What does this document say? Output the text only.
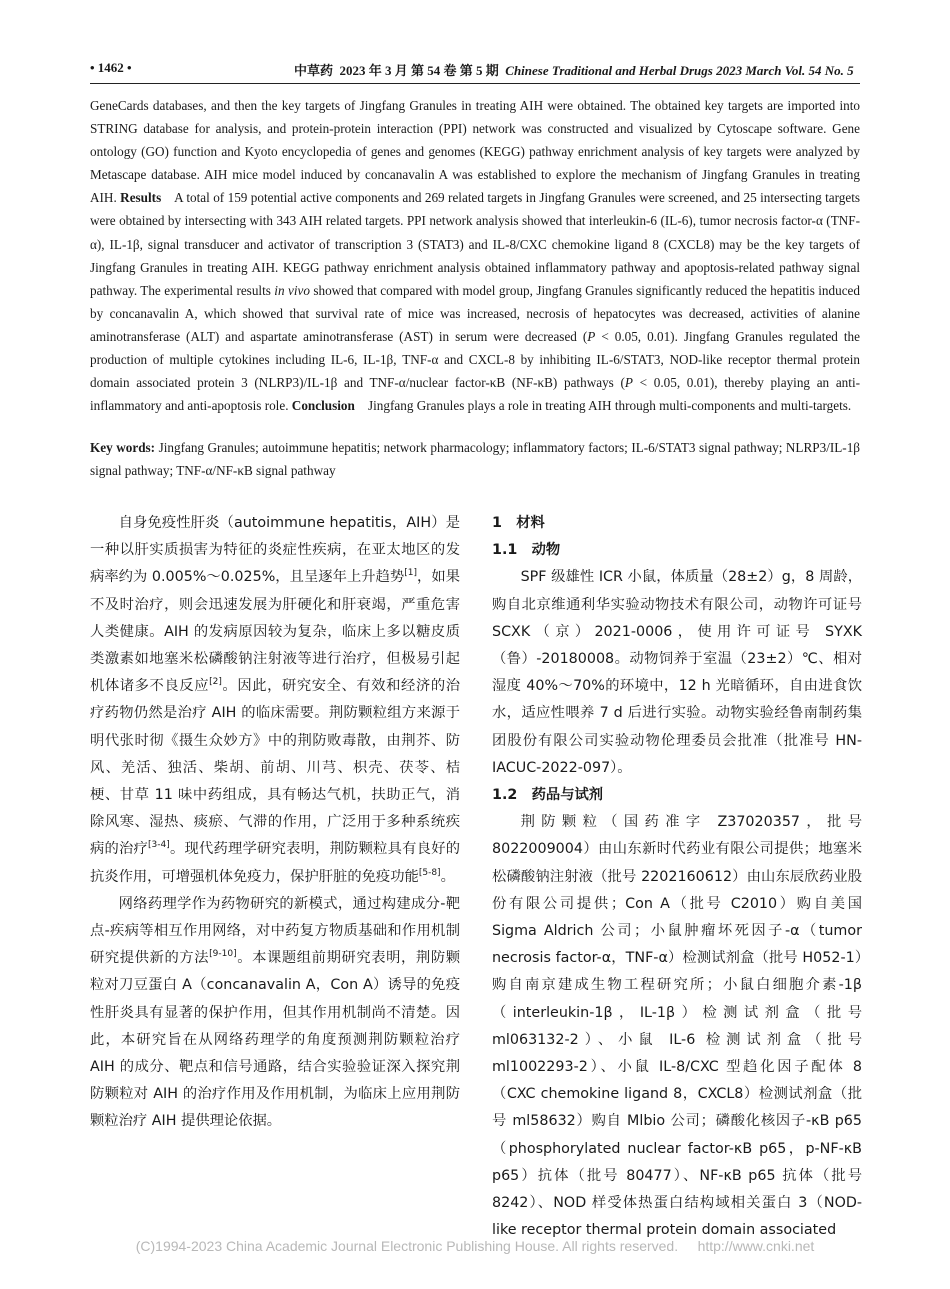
• 1462 •	中草药 2023 年 3 月 第 54 卷 第 5 期 Chinese Traditional and Herbal Drugs 2023 March Vol. 54 No. 5
GeneCards databases, and then the key targets of Jingfang Granules in treating AIH were obtained. The obtained key targets are imported into STRING database for analysis, and protein-protein interaction (PPI) network was constructed and visualized by Cytoscape software. Gene ontology (GO) function and Kyoto encyclopedia of genes and genomes (KEGG) pathway enrichment analysis of key targets were analyzed by Metascape database. AIH mice model induced by concanavalin A was established to explore the mechanism of Jingfang Granules in treating AIH. Results A total of 159 potential active components and 269 related targets in Jingfang Granules were screened, and 25 intersecting targets were obtained by intersecting with 343 AIH related targets. PPI network analysis showed that interleukin-6 (IL-6), tumor necrosis factor-α (TNF-α), IL-1β, signal transducer and activator of transcription 3 (STAT3) and IL-8/CXC chemokine ligand 8 (CXCL8) may be the key targets of Jingfang Granules in treating AIH. KEGG pathway enrichment analysis obtained inflammatory pathway and apoptosis-related pathway signal pathway. The experimental results in vivo showed that compared with model group, Jingfang Granules significantly reduced the hepatitis induced by concanavalin A, which showed that survival rate of mice was increased, necrosis of hepatocytes was decreased, activities of alanine aminotransferase (ALT) and aspartate aminotransferase (AST) in serum were decreased (P < 0.05, 0.01). Jingfang Granules regulated the production of multiple cytokines including IL-6, IL-1β, TNF-α and CXCL-8 by inhibiting IL-6/STAT3, NOD-like receptor thermal protein domain associated protein 3 (NLRP3)/IL-1β and TNF-α/nuclear factor-κB (NF-κB) pathways (P < 0.05, 0.01), thereby playing an anti-inflammatory and anti-apoptosis role. Conclusion Jingfang Granules plays a role in treating AIH through multi-components and multi-targets.
Key words: Jingfang Granules; autoimmune hepatitis; network pharmacology; inflammatory factors; IL-6/STAT3 signal pathway; NLRP3/IL-1β signal pathway; TNF-α/NF-κB signal pathway

自身免疫性肝炎（autoimmune hepatitis，AIH）是一种以肝实质损害为特征的炎症性疾病，在亚太地区的发病率约为 0.005%～0.025%，且呈逐年上升趋势[1]，如果不及时治疗，则会迅速发展为肝硬化和肝衰竭，严重危害人类健康。AIH 的发病原因较为复杂，临床上多以糖皮质类激素如地塞米松磷酸钠注射液等进行治疗，但极易引起机体诸多不良反应[2]。因此，研究安全、有效和经济的治疗药物仍然是治疗 AIH 的临床需要。荆防颗粒组方来源于明代张时彻《摄生众妙方》中的荆防败毒散，由荆芥、防风、羌活、独活、柴胡、前胡、川芎、枳壳、茯苓、桔梗、甘草 11 味中药组成，具有畅达气机，扶助正气，消除风寒、湿热、痰瘀、气滞的作用，广泛用于多种系统疾病的治疗[3-4]。现代药理学研究表明，荆防颗粒具有良好的抗炎作用，可增强机体免疫力，保护肝脏的免疫功能[5-8]。

网络药理学作为药物研究的新模式，通过构建成分-靶点-疾病等相互作用网络，对中药复方物质基础和作用机制研究提供新的方法[9-10]。本课题组前期研究表明，荆防颗粒对刀豆蛋白 A（concanavalin A，Con A）诱导的免疫性肝炎具有显著的保护作用，但其作用机制尚不清楚。因此，本研究旨在从网络药理学的角度预测荆防颗粒治疗 AIH 的成分、靶点和信号通路，结合实验验证深入探究荆防颗粒对 AIH 的治疗作用及作用机制，为临床上应用荆防颗粒治疗 AIH 提供理论依据。

1　材料
1.1　动物

SPF 级雄性 ICR 小鼠，体质量（28±2）g，8 周龄，购自北京维通利华实验动物技术有限公司，动物许可证号 SCXK（京）2021-0006，使用许可证号 SYXK（鲁）-20180008。动物饲养于室温（23±2）℃、相对湿度 40%～70%的环境中，12 h 光暗循环，自由进食饮水，适应性喂养 7 d 后进行实验。动物实验经鲁南制药集团股份有限公司实验动物伦理委员会批准（批准号 HN-IACUC-2022-097）。

1.2　药品与试剂

荆防颗粒（国药准字 Z37020357，批号 8022009004）由山东新时代药业有限公司提供；地塞米松磷酸钠注射液（批号 2202160612）由山东辰欣药业股份有限公司提供；Con A（批号 C2010）购自美国 Sigma Aldrich 公司；小鼠肿瘤坏死因子-α（tumor necrosis factor-α，TNF-α）检测试剂盒（批号 H052-1）购自南京建成生物工程研究所；小鼠白细胞介素-1β（interleukin-1β，IL-1β）检测试剂盒（批号 ml063132-2）、小鼠 IL-6 检测试剂盒（批号 ml1002293-2）、小鼠 IL-8/CXC 型趋化因子配体 8（CXC chemokine ligand 8，CXCL8）检测试剂盒（批号 ml58632）购自 Mlbio 公司；磷酸化核因子-κB p65（phosphorylated nuclear factor-κB p65，p-NF-κB p65）抗体（批号 80477）、NF-κB p65 抗体（批号 8242）、NOD 样受体热蛋白结构域相关蛋白 3（NOD-like receptor thermal protein domain associated

(C)1994-2023 China Academic Journal Electronic Publishing House. All rights reserved. http://www.cnki.net
